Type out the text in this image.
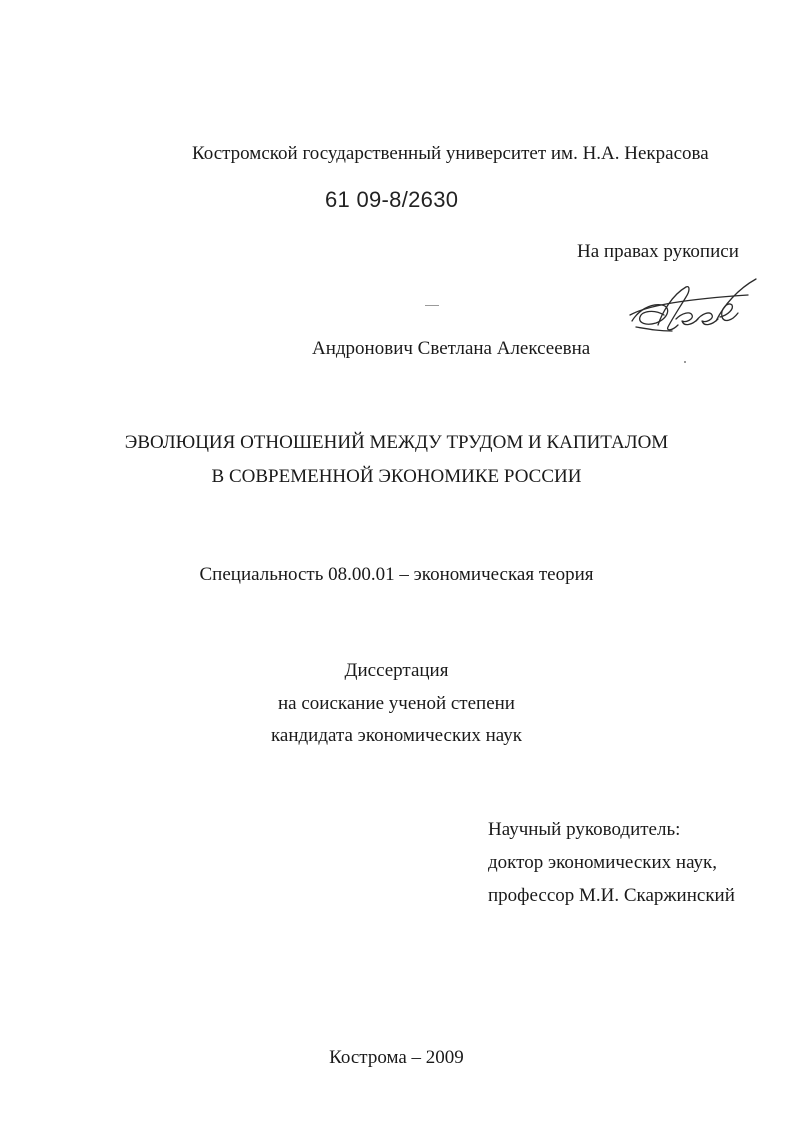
Костромской государственный университет им. Н.А. Некрасова
61 09-8/2630
На правах рукописи
Андронович Светлана Алексеевна
ЭВОЛЮЦИЯ ОТНОШЕНИЙ МЕЖДУ ТРУДОМ И КАПИТАЛОМ
В СОВРЕМЕННОЙ ЭКОНОМИКЕ РОССИИ
Специальность 08.00.01 – экономическая теория
Диссертация
на соискание ученой степени
кандидата экономических наук
Научный руководитель:
доктор экономических наук,
профессор М.И. Скаржинский
Кострома – 2009
